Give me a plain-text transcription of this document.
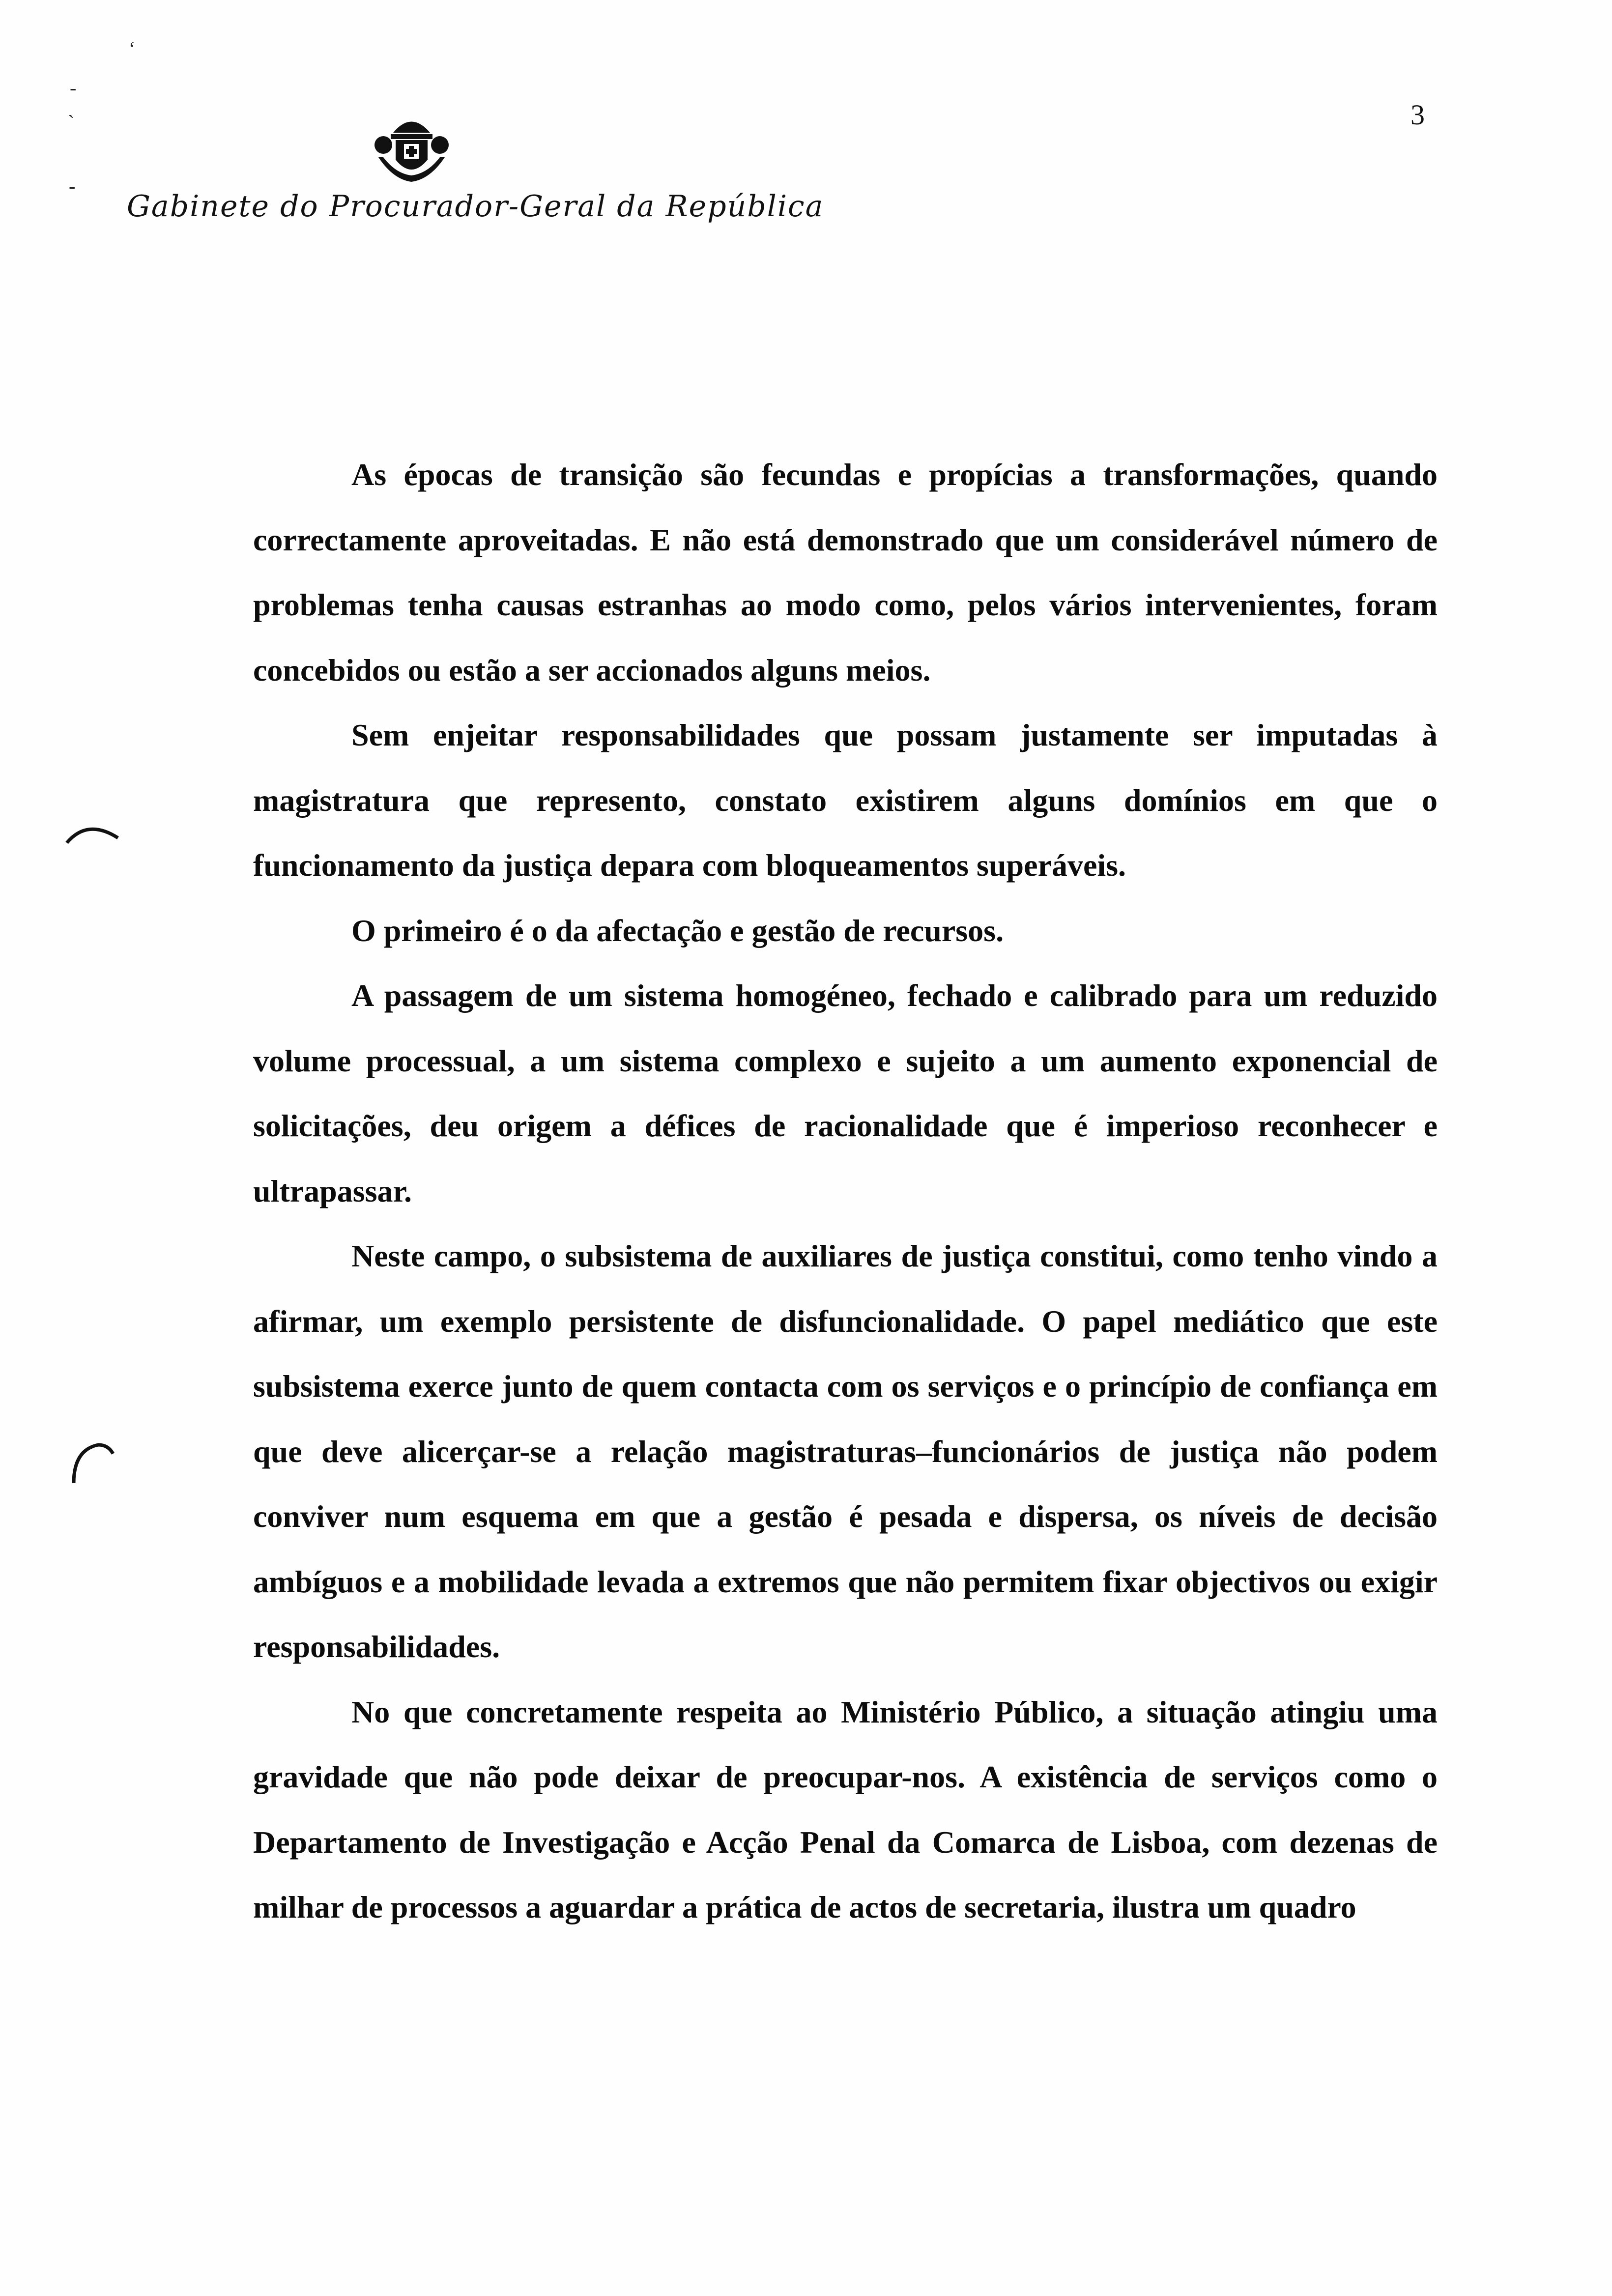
‘
-
`
-
Gabinete do Procurador-Geral da República
3

As épocas de transição são fecundas e propícias a transformações, quando correctamente aproveitadas. E não está demonstrado que um considerável número de problemas tenha causas estranhas ao modo como, pelos vários intervenientes, foram concebidos ou estão a ser accionados alguns meios.

Sem enjeitar responsabilidades que possam justamente ser imputadas à magistratura que represento, constato existirem alguns domínios em que o funcionamento da justiça depara com bloqueamentos superáveis.

O primeiro é o da afectação e gestão de recursos.

A passagem de um sistema homogéneo, fechado e calibrado para um reduzido volume processual, a um sistema complexo e sujeito a um aumento exponencial de solicitações, deu origem a défices de racionalidade que é imperioso reconhecer e ultrapassar.

Neste campo, o subsistema de auxiliares de justiça constitui, como tenho vindo a afirmar, um exemplo persistente de disfuncionalidade. O papel mediático que este subsistema exerce junto de quem contacta com os serviços e o princípio de confiança em que deve alicerçar-se a relação magistraturas–funcionários de justiça não podem conviver num esquema em que a gestão é pesada e dispersa, os níveis de decisão ambíguos e a mobilidade levada a extremos que não permitem fixar objectivos ou exigir responsabilidades.

No que concretamente respeita ao Ministério Público, a situação atingiu uma gravidade que não pode deixar de preocupar-nos. A existência de serviços como o Departamento de Investigação e Acção Penal da Comarca de Lisboa, com dezenas de milhar de processos a aguardar a prática de actos de secretaria, ilustra um quadro
